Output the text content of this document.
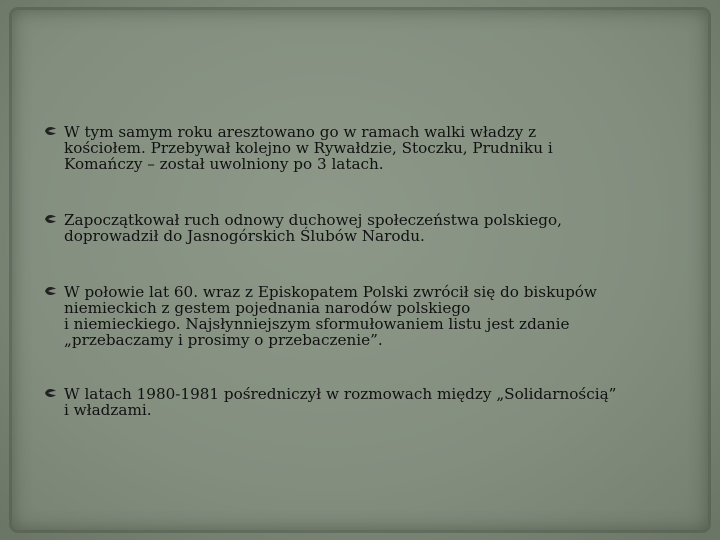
W tym samym roku aresztowano go w ramach walki władzy z
kościołem. Przebywał kolejno w Rywałdzie, Stoczku, Prudniku i
Komańczy – został uwolniony po 3 latach.
Zapoczątkował ruch odnowy duchowej społeczeństwa polskiego,
doprowadził do Jasnogórskich Ślubów Narodu.
W połowie lat 60. wraz z Episkopatem Polski zwrócił się do biskupów
niemieckich z gestem pojednania narodów polskiego
i niemieckiego. Najsłynniejszym sformułowaniem listu jest zdanie
„przebaczamy i prosimy o przebaczenie”.
W latach 1980-1981 pośredniczył w rozmowach między „Solidarnością”
i władzami.
